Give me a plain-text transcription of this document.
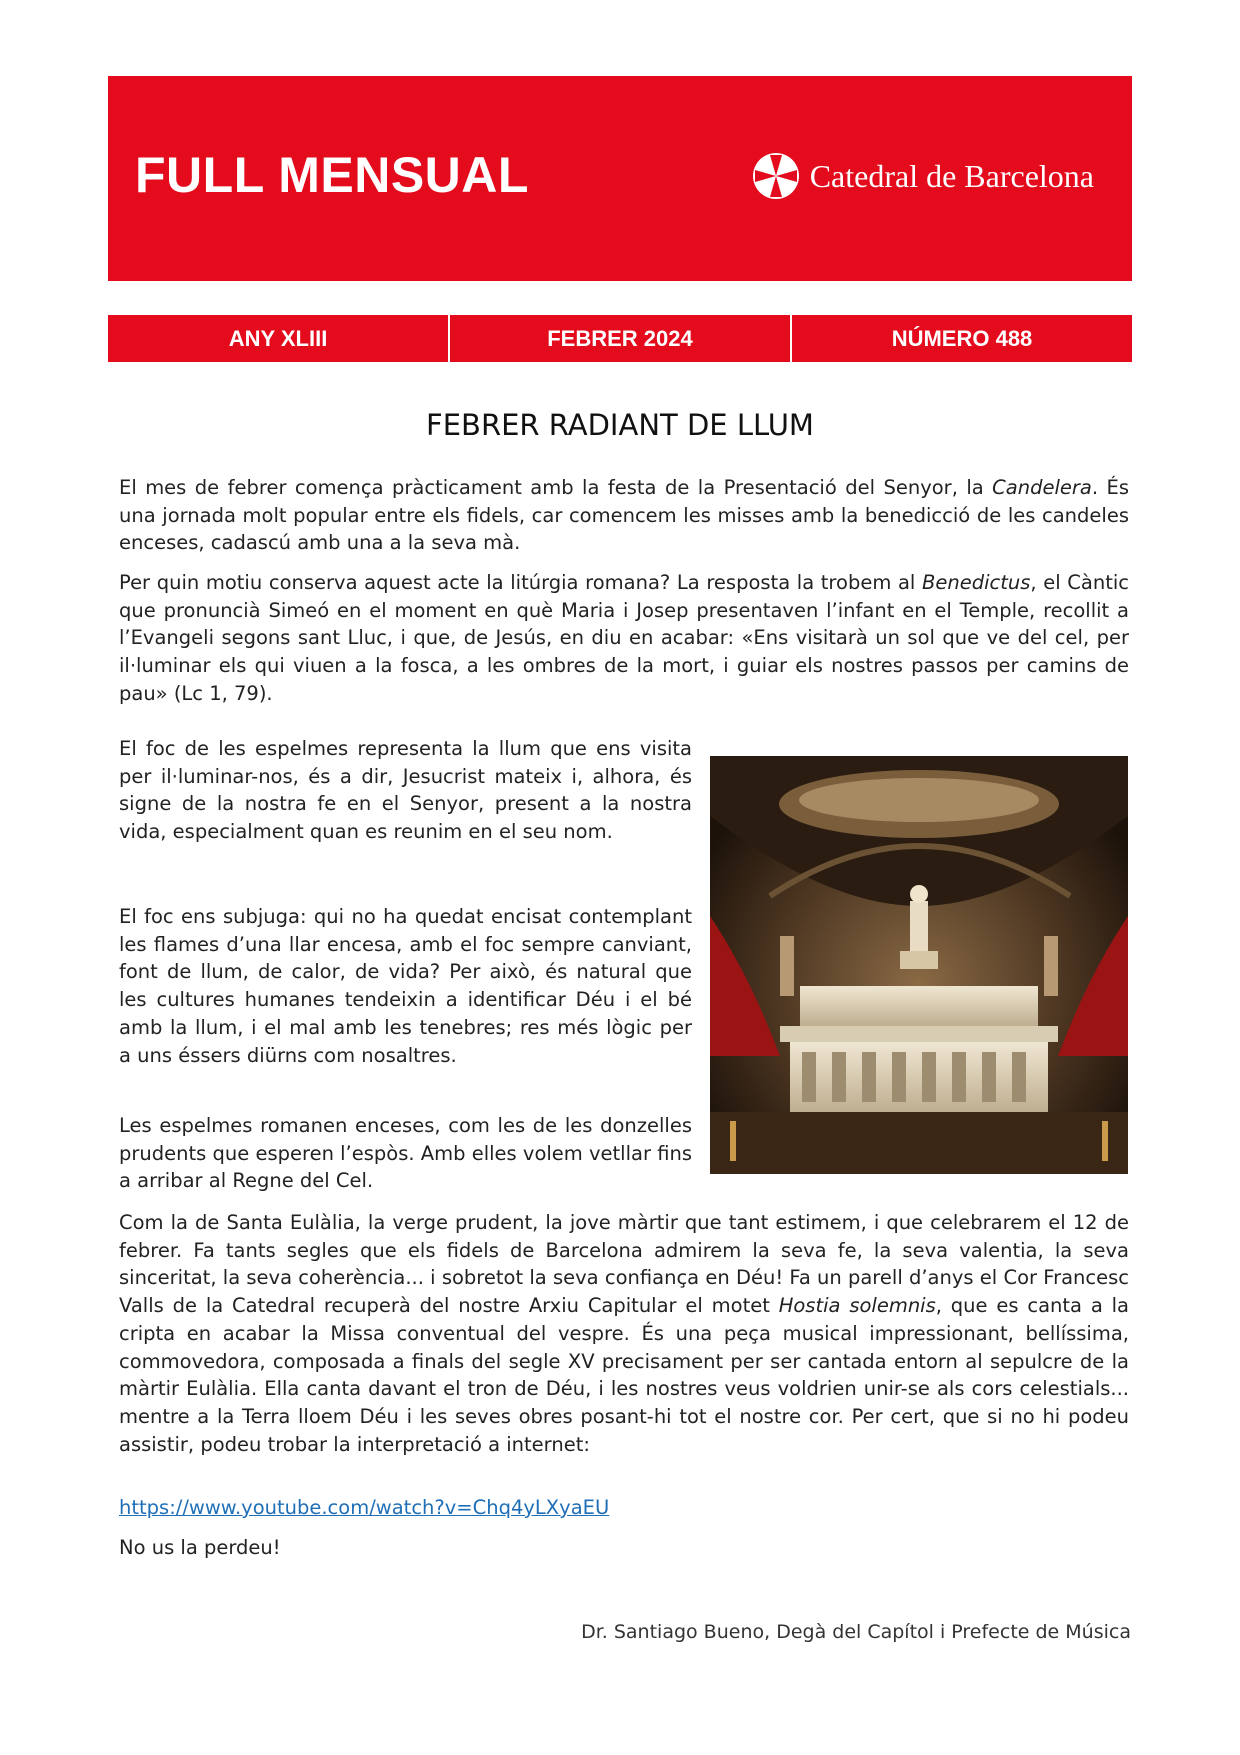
FULL MENSUAL	Catedral de Barcelona
ANY XLIII	FEBRER 2024	NÚMERO 488
FEBRER RADIANT DE LLUM

El mes de febrer comença pràcticament amb la festa de la Presentació del Senyor, la Candelera. És una jornada molt popular entre els fidels, car comencem les misses amb la benedicció de les candeles enceses, cadascú amb una a la seva mà.

Per quin motiu conserva aquest acte la litúrgia romana? La resposta la trobem al Benedictus, el Càntic que pronuncià Simeó en el moment en què Maria i Josep presentaven l’infant en el Temple, recollit a l’Evangeli segons sant Lluc, i que, de Jesús, en diu en acabar: «Ens visitarà un sol que ve del cel, per il·luminar els qui viuen a la fosca, a les ombres de la mort, i guiar els nostres passos per camins de pau» (Lc 1, 79).

El foc de les espelmes representa la llum que ens visita per il·luminar-nos, és a dir, Jesucrist mateix i, alhora, és signe de la nostra fe en el Senyor, present a la nostra vida, especialment quan es reunim en el seu nom.

El foc ens subjuga: qui no ha quedat encisat contemplant les flames d’una llar encesa, amb el foc sempre canviant, font de llum, de calor, de vida? Per això, és natural que les cultures humanes tendeixin a identificar Déu i el bé amb la llum, i el mal amb les tenebres; res més lògic per a uns éssers diürns com nosaltres.

Les espelmes romanen enceses, com les de les donzelles prudents que esperen l’espòs. Amb elles volem vetllar fins a arribar al Regne del Cel.

Com la de Santa Eulàlia, la verge prudent, la jove màrtir que tant estimem, i que celebrarem el 12 de febrer. Fa tants segles que els fidels de Barcelona admirem la seva fe, la seva valentia, la seva sinceritat, la seva coherència... i sobretot la seva confiança en Déu! Fa un parell d’anys el Cor Francesc Valls de la Catedral recuperà del nostre Arxiu Capitular el motet Hostia solemnis, que es canta a la cripta en acabar la Missa conventual del vespre. És una peça musical impressionant, bellíssima, commovedora, composada a finals del segle XV precisament per ser cantada entorn al sepulcre de la màrtir Eulàlia. Ella canta davant el tron de Déu, i les nostres veus voldrien unir-se als cors celestials... mentre a la Terra lloem Déu i les seves obres posant-hi tot el nostre cor. Per cert, que si no hi podeu assistir, podeu trobar la interpretació a internet:

https://www.youtube.com/watch?v=Chq4yLXyaEU

No us la perdeu!

Dr. Santiago Bueno, Degà del Capítol i Prefecte de Música
